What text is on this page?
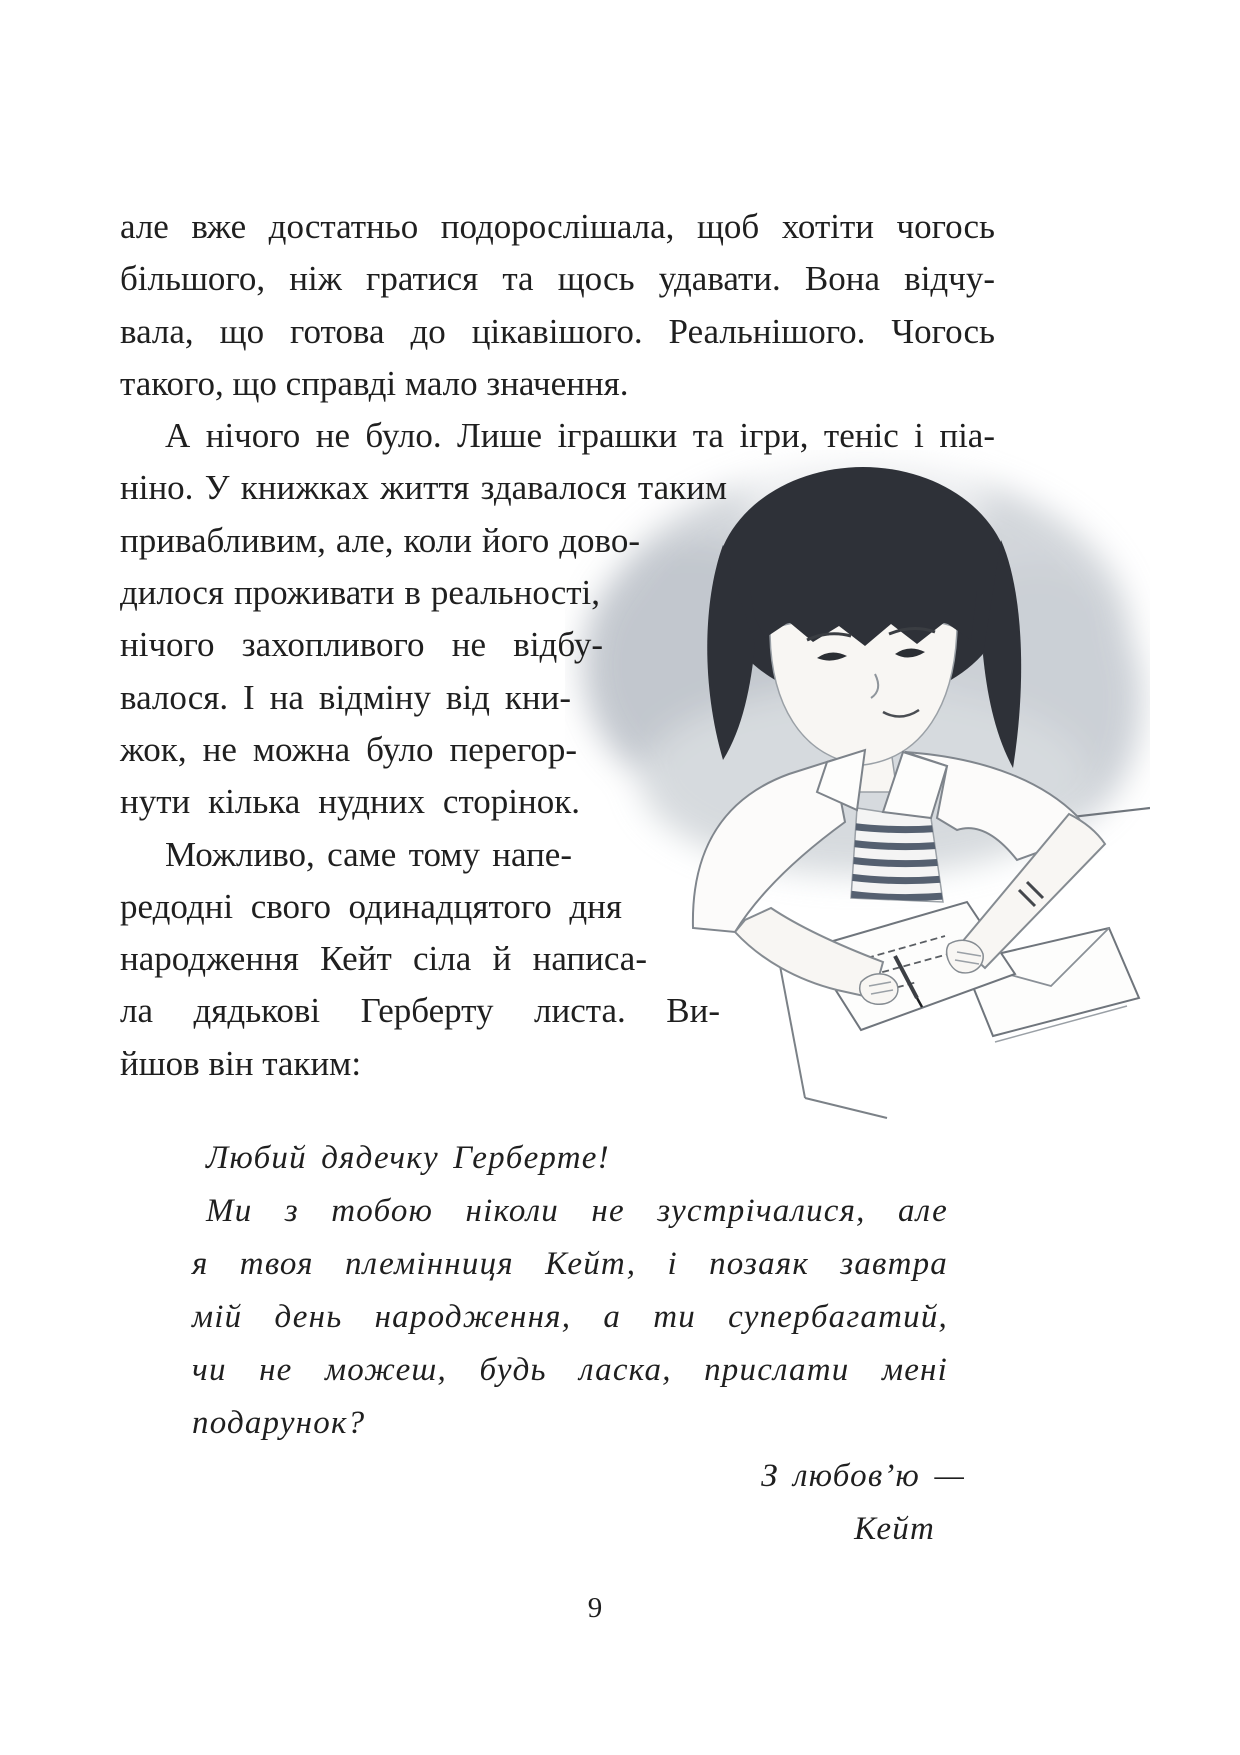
але вже достатньо подорослішала, щоб хотіти чогось
більшого, ніж гратися та щось удавати. Вона відчу-
вала, що готова до цікавішого. Реальнішого. Чогось
такого, що справді мало значення.
А нічого не було. Лише іграшки та ігри, теніс і піа-
ніно. У книжках життя здавалося таким
привабливим, але, коли його дово-
дилося проживати в реальності,
нічого захопливого не відбу-
валося. І на відміну від кни-
жок, не можна було перегор-
нути кілька нудних сторінок.
Можливо, саме тому напе-
редодні свого одинадцятого дня
народження Кейт сіла й написа-
ла дядькові Герберту листа. Ви-
йшов він таким:
Любий дядечку Герберте!
Ми з тобою ніколи не зустрічалися, але
я твоя племінниця Кейт, і позаяк завтра
мій день народження, а ти супербагатий,
чи не можеш, будь ласка, прислати мені
подарунок?
З любов’ю —
Кейт
9
